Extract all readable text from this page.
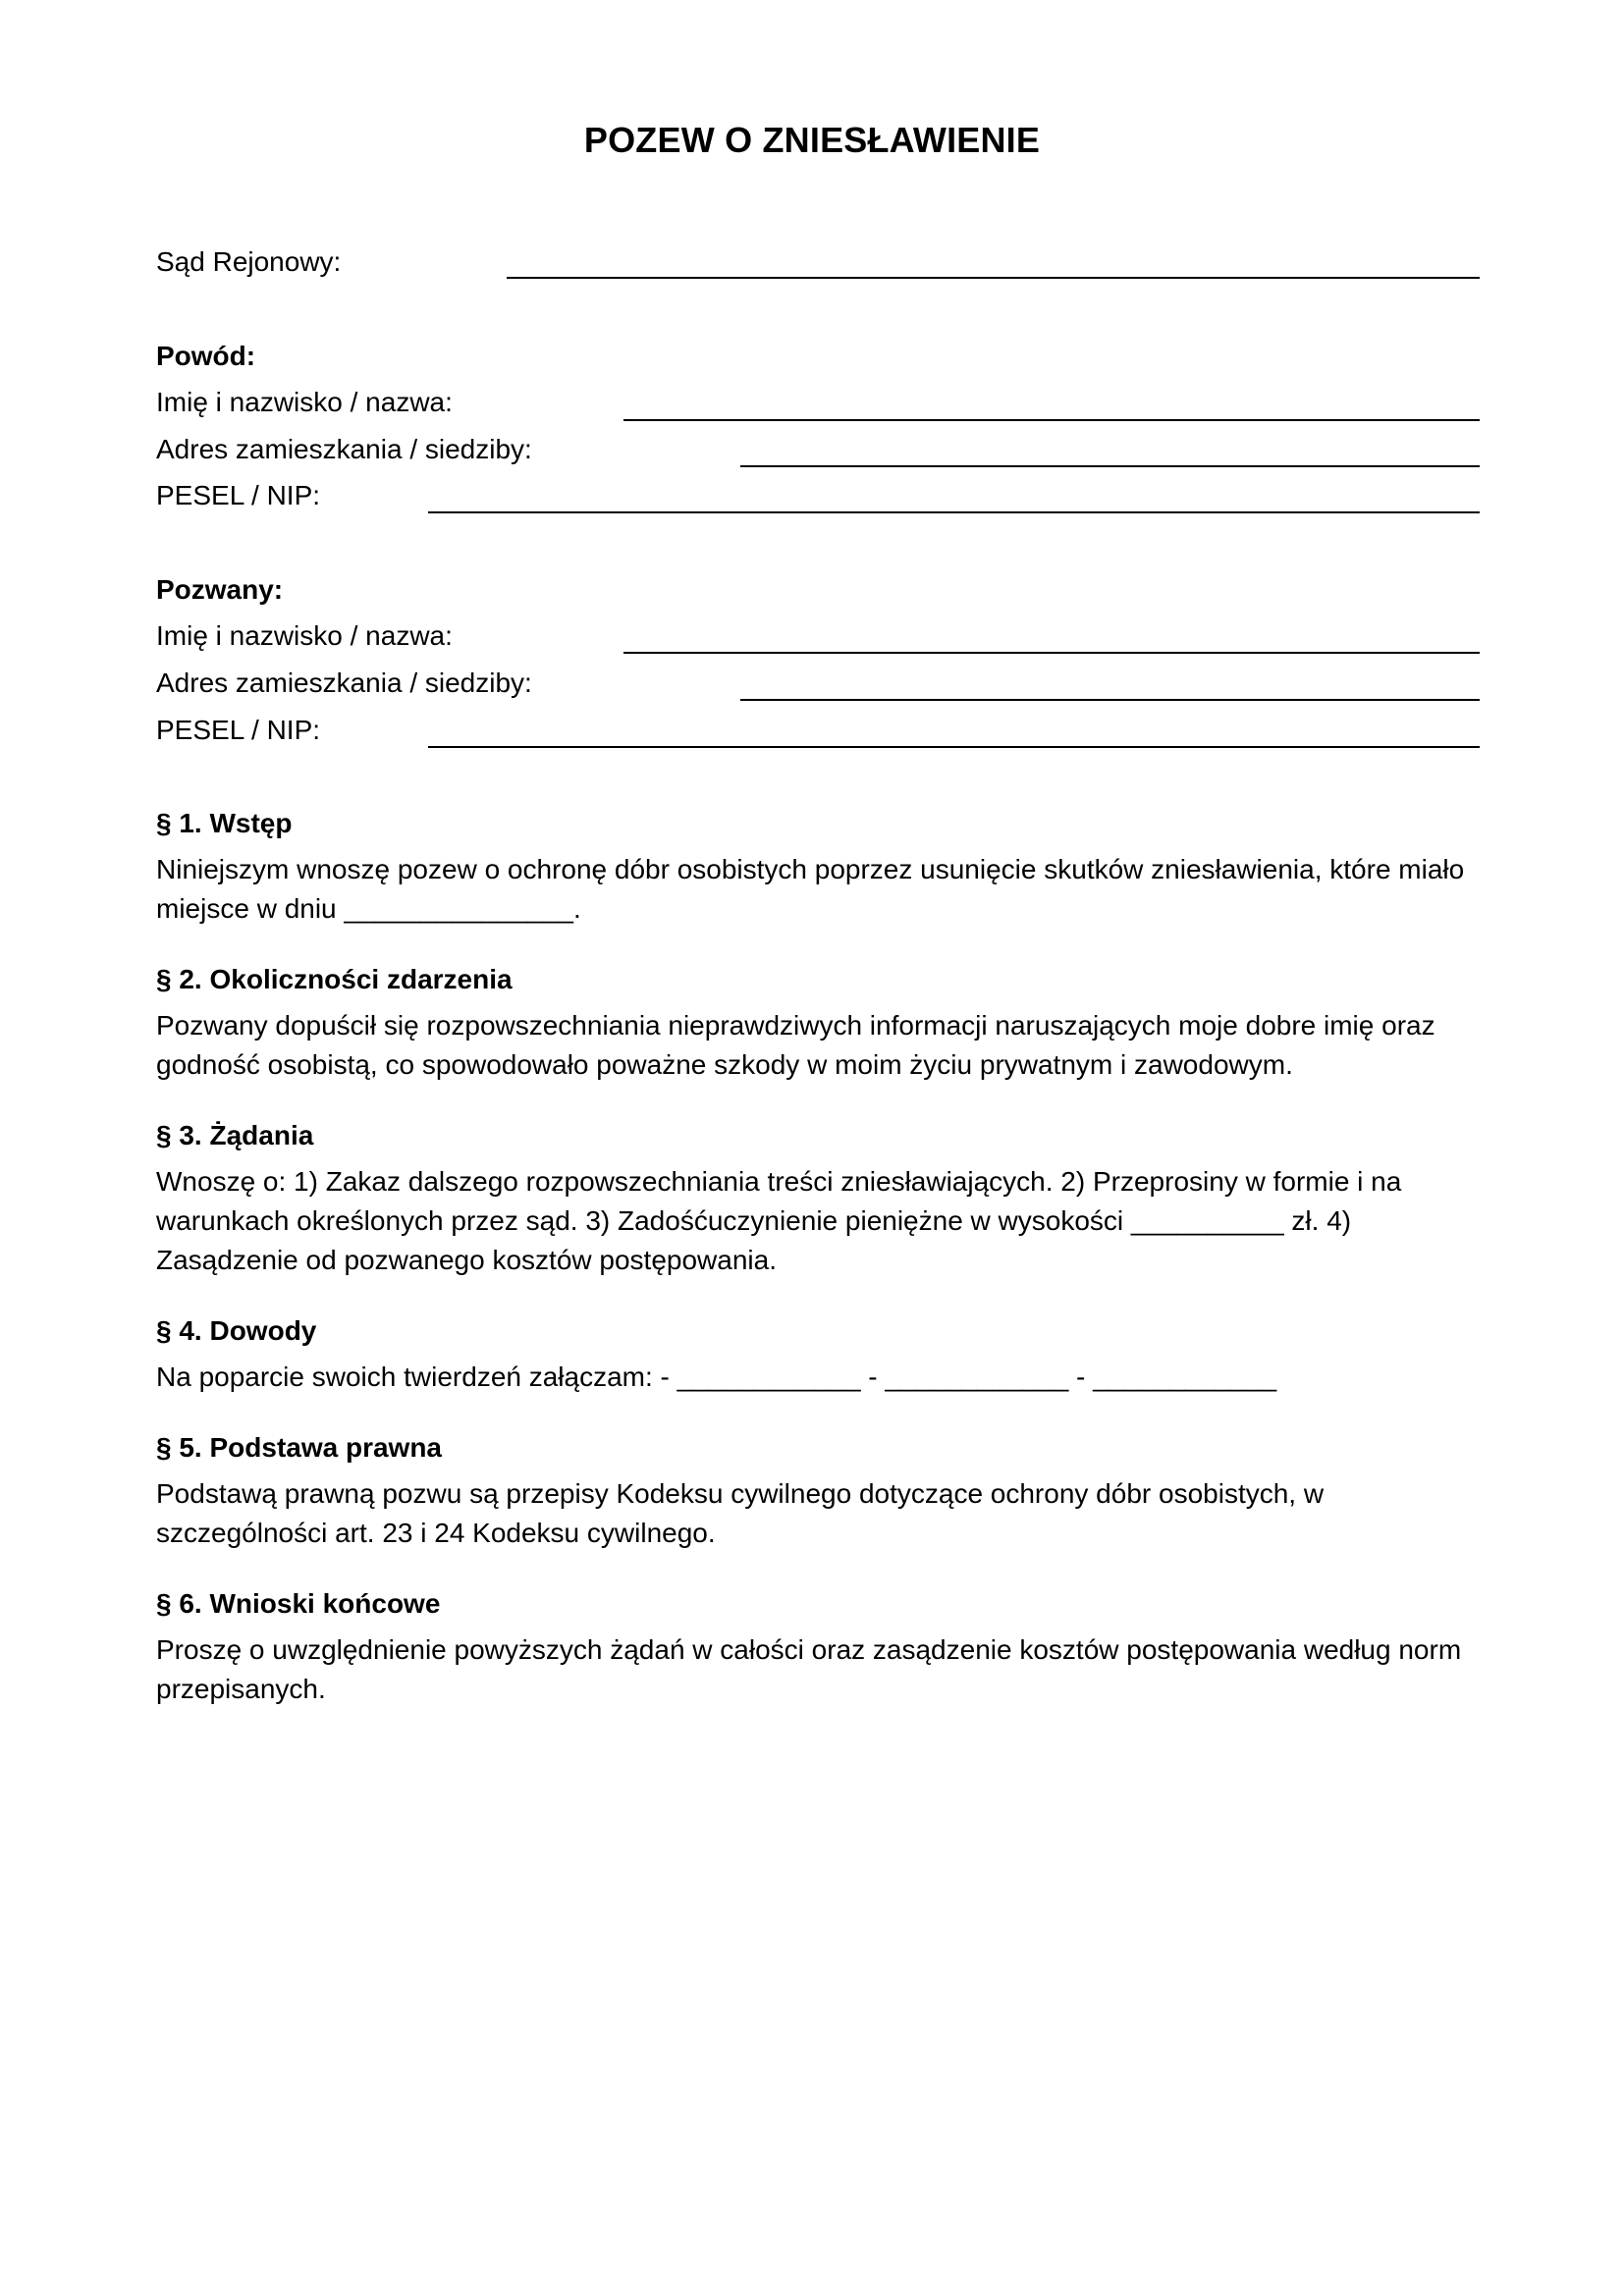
POZEW O ZNIESŁAWIENIE
Sąd Rejonowy:
Powód:
Imię i nazwisko / nazwa:
Adres zamieszkania / siedziby:
PESEL / NIP:
Pozwany:
Imię i nazwisko / nazwa:
Adres zamieszkania / siedziby:
PESEL / NIP:
§ 1. Wstęp
Niniejszym wnoszę pozew o ochronę dóbr osobistych poprzez usunięcie skutków zniesławienia, które miało miejsce w dniu _______________.
§ 2. Okoliczności zdarzenia
Pozwany dopuścił się rozpowszechniania nieprawdziwych informacji naruszających moje dobre imię oraz godność osobistą, co spowodowało poważne szkody w moim życiu prywatnym i zawodowym.
§ 3. Żądania
Wnoszę o: 1) Zakaz dalszego rozpowszechniania treści zniesławiających. 2) Przeprosiny w formie i na warunkach określonych przez sąd. 3) Zadośćuczynienie pieniężne w wysokości __________ zł. 4) Zasądzenie od pozwanego kosztów postępowania.
§ 4. Dowody
Na poparcie swoich twierdzeń załączam: - ____________ - ____________ - ____________
§ 5. Podstawa prawna
Podstawą prawną pozwu są przepisy Kodeksu cywilnego dotyczące ochrony dóbr osobistych, w szczególności art. 23 i 24 Kodeksu cywilnego.
§ 6. Wnioski końcowe
Proszę o uwzględnienie powyższych żądań w całości oraz zasądzenie kosztów postępowania według norm przepisanych.
